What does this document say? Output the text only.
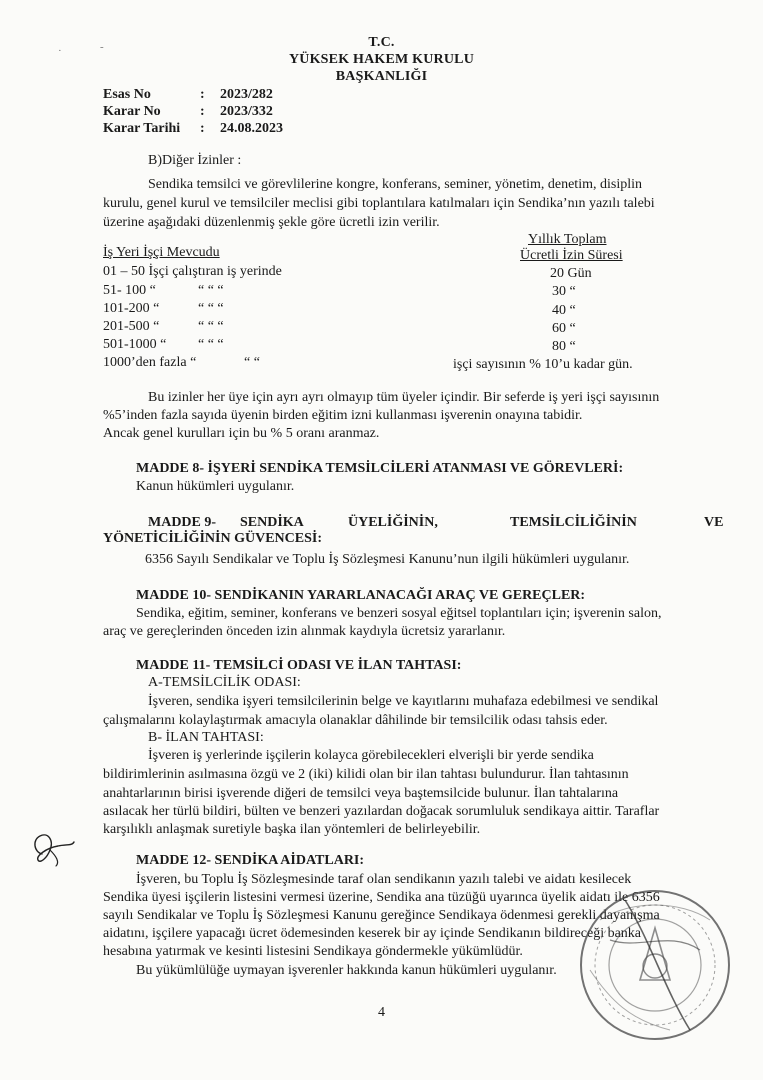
·	-	T.C.
YÜKSEK HAKEM KURULU
BAŞKANLIĞI
Esas No	: 2023/282
Karar No	: 2023/332
Karar Tarihi : 24.08.2023
B)Diğer İzinler :
Sendika temsilci ve görevlilerine kongre, konferans, seminer, yönetim, denetim, disiplin
kurulu, genel kurul ve temsilciler meclisi gibi toplantılara katılmaları için Sendika’nın yazılı talebi
üzerine aşağıdaki düzenlenmiş şekle göre ücretli izin verilir.
Yıllık Toplam
İş Yeri İşçi Mevcudu	Ücretli İzin Süresi
01 – 50 İşçi çalıştıran iş yerinde	20 Gün
51- 100 “	“ “ “	30 “
101-200 “	“ “ “	40 “
201-500 “	“ “ “	60 “
501-1000 “ “ “ “	80 “
1000’den fazla “	“ “	işçi sayısının % 10’u kadar gün.
Bu izinler her üye için ayrı ayrı olmayıp tüm üyeler içindir. Bir seferde iş yeri işçi sayısının
%5’inden fazla sayıda üyenin birden eğitim izni kullanması işverenin onayına tabidir.
Ancak genel kurulları için bu % 5 oranı aranmaz.
MADDE 8- İŞYERİ SENDİKA TEMSİLCİLERİ ATANMASI VE GÖREVLERİ:
Kanun hükümleri uygulanır.
MADDE 9- SENDİKA	ÜYELİĞİNİN,	TEMSİLCİLİĞİNİN	VE
YÖNETİCİLİĞİNİN GÜVENCESİ:
6356 Sayılı Sendikalar ve Toplu İş Sözleşmesi Kanunu’nun ilgili hükümleri uygulanır.
MADDE 10- SENDİKANIN YARARLANACAĞI ARAÇ VE GEREÇLER:
Sendika, eğitim, seminer, konferans ve benzeri sosyal eğitsel toplantıları için; işverenin salon,
araç ve gereçlerinden önceden izin alınmak kaydıyla ücretsiz yararlanır.
MADDE 11- TEMSİLCİ ODASI VE İLAN TAHTASI:
A-TEMSİLCİLİK ODASI:
İşveren, sendika işyeri temsilcilerinin belge ve kayıtlarını muhafaza edebilmesi ve sendikal
çalışmalarını kolaylaştırmak amacıyla olanaklar dâhilinde bir temsilcilik odası tahsis eder.
B- İLAN TAHTASI:
İşveren iş yerlerinde işçilerin kolayca görebilecekleri elverişli bir yerde sendika
bildirimlerinin asılmasına özgü ve 2 (iki) kilidi olan bir ilan tahtası bulundurur. İlan tahtasının
anahtarlarının birisi işverende diğeri de temsilci veya baştemsilcide bulunur. İlan tahtalarına
asılacak her türlü bildiri, bülten ve benzeri yazılardan doğacak sorumluluk sendikaya aittir. Taraflar
karşılıklı anlaşmak suretiyle başka ilan yöntemleri de belirleyebilir.
MADDE 12- SENDİKA AİDATLARI:
İşveren, bu Toplu İş Sözleşmesinde taraf olan sendikanın yazılı talebi ve aidatı kesilecek
Sendika üyesi işçilerin listesini vermesi üzerine, Sendika ana tüzüğü uyarınca üyelik aidatı ile 6356
sayılı Sendikalar ve Toplu İş Sözleşmesi Kanunu gereğince Sendikaya ödenmesi gerekli dayanışma
aidatını, işçilere yapacağı ücret ödemesinden keserek bir ay içinde Sendikanın bildireceği banka
hesabına yatırmak ve kesinti listesini Sendikaya göndermekle yükümlüdür.
Bu yükümlülüğe uymayan işverenler hakkında kanun hükümleri uygulanır.
4
